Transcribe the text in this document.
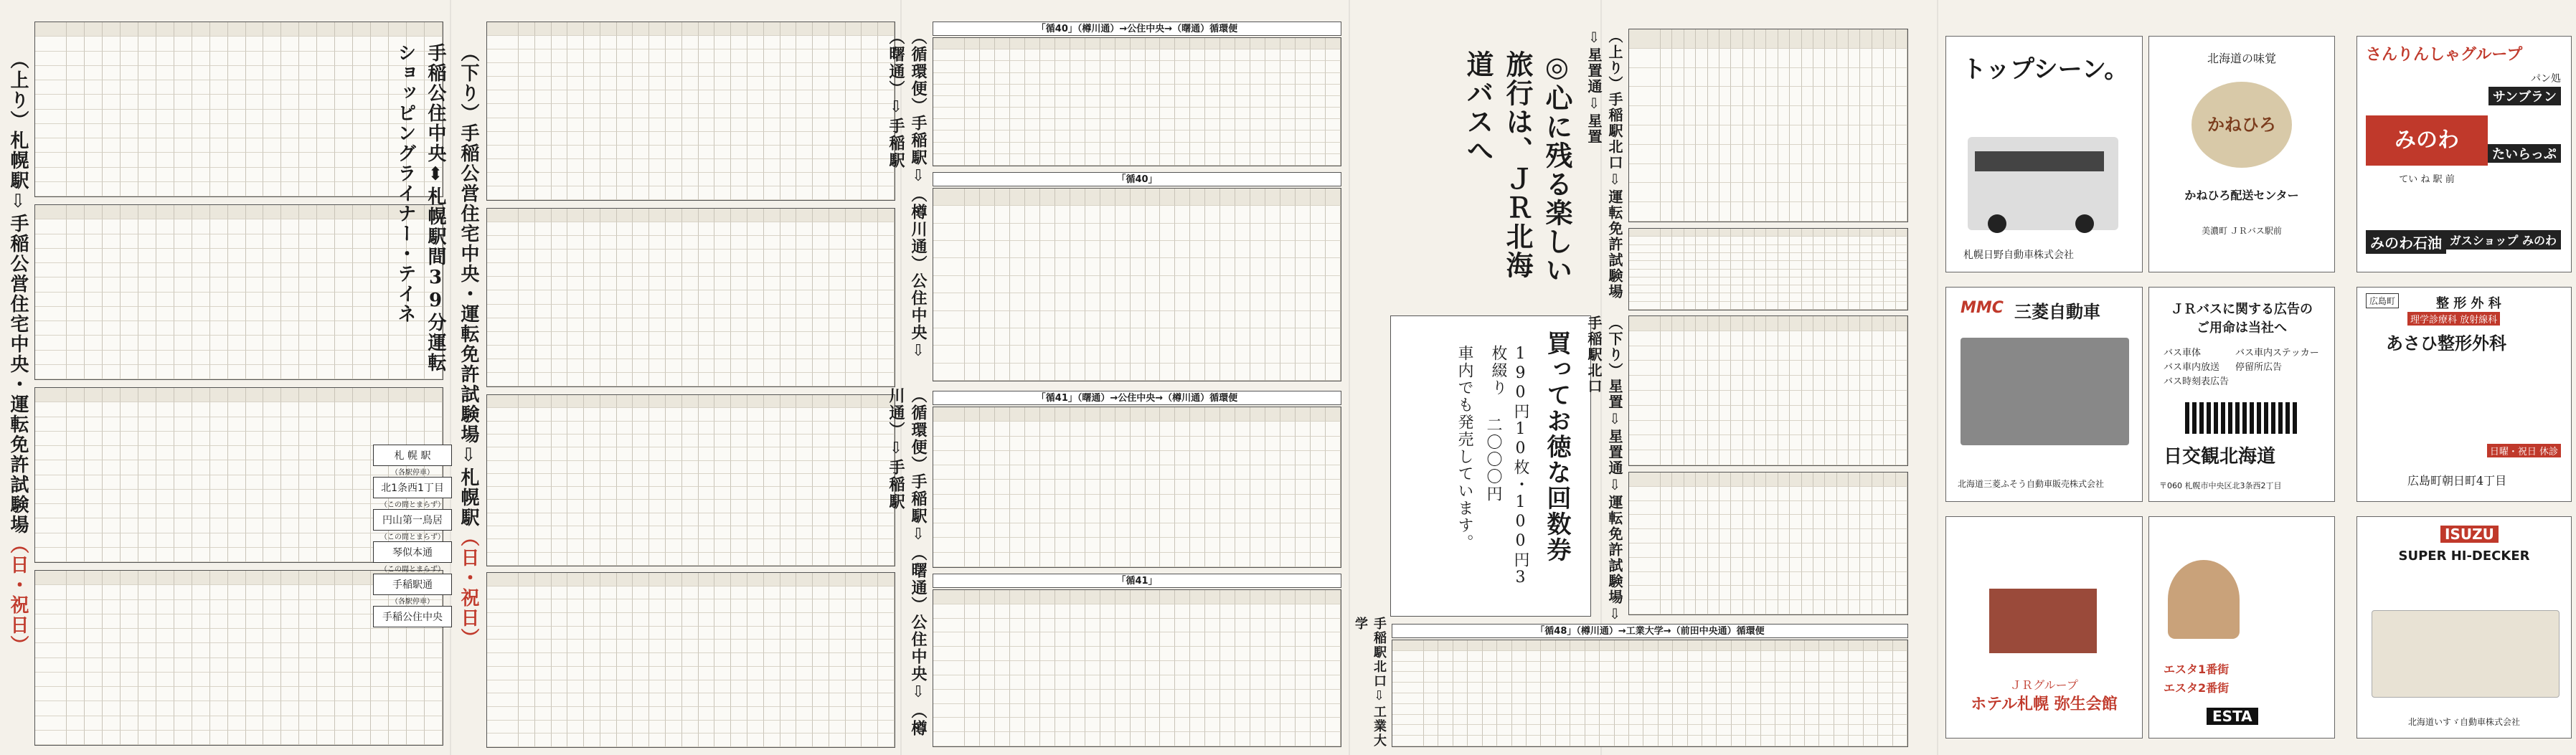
（上り）札幌駅⇩手稲公営住宅中央・運転免許試験場（日・祝日）
手稲公住中央⬍札幌駅間39分運転
ショッピングライナー・テイネ
札 幌 駅
（各駅停車）
北1条西1丁目
（この間とまらず）
円山第一鳥居
（この間とまらず）
琴似本通
（この間とまらず）
手稲駅通
（各駅停車）
手稲公住中央
（下り）手稲公営住宅中央・運転免許試験場⇩札幌駅（日・祝日）
（循環便）手稲駅⇩（樽川通）公住中央⇩（曙通）⇩手稲駅
（循環便）手稲駅⇩（曙通）公住中央⇩（樽川通）⇩手稲駅
「循40」（樽川通）→公住中央→（曙通）循環便
「循40」
「循41」（曙通）→公住中央→（樽川通）循環便
「循41」
◎心に残る楽しい旅行は、ＪＲ北海道バスへ
買ってお徳な回数券
190円10枚・100円3枚綴り
二〇〇〇円
車内でも発売しています。
（上り）手稲駅北口⇩運転免許試験場⇩星置通⇩星置
（下り）星置⇩星置通⇩運転免許試験場⇩手稲駅北口
手稲駅北口⇩工業大学
「循48」（樽川通）→工業大学→（前田中央通）循環便
トップシーン。
札幌日野自動車株式会社
北海道の味覚
かねひろ
かねひろ配送センター
美濃町 ＪＲバス駅前
さんりんしゃグループ
パン処
サンブラン
みのわ
てい ね 駅 前
たいらっぷ
みのわ石油 ガスショップ みのわ
MMC 三菱自動車
北海道三菱ふそう自動車販売株式会社
ＪＲバスに関する広告の
ご用命は当社へ
バス車体	バス車内ステッカー
バス車内放送 停留所広告
バス時刻表広告
日交観北海道
〒060 札幌市中央区北3条西2丁目
広島町	整 形 外 科
理学診療科 放射線科
あさひ整形外科
日曜・祝日 休診
広島町朝日町4丁目
ＪＲグループ
ホテル札幌 弥生会館
エスタ1番街
エスタ2番街
ESTA
ISUZU
SUPER HI-DECKER
北海道いすゞ自動車株式会社
